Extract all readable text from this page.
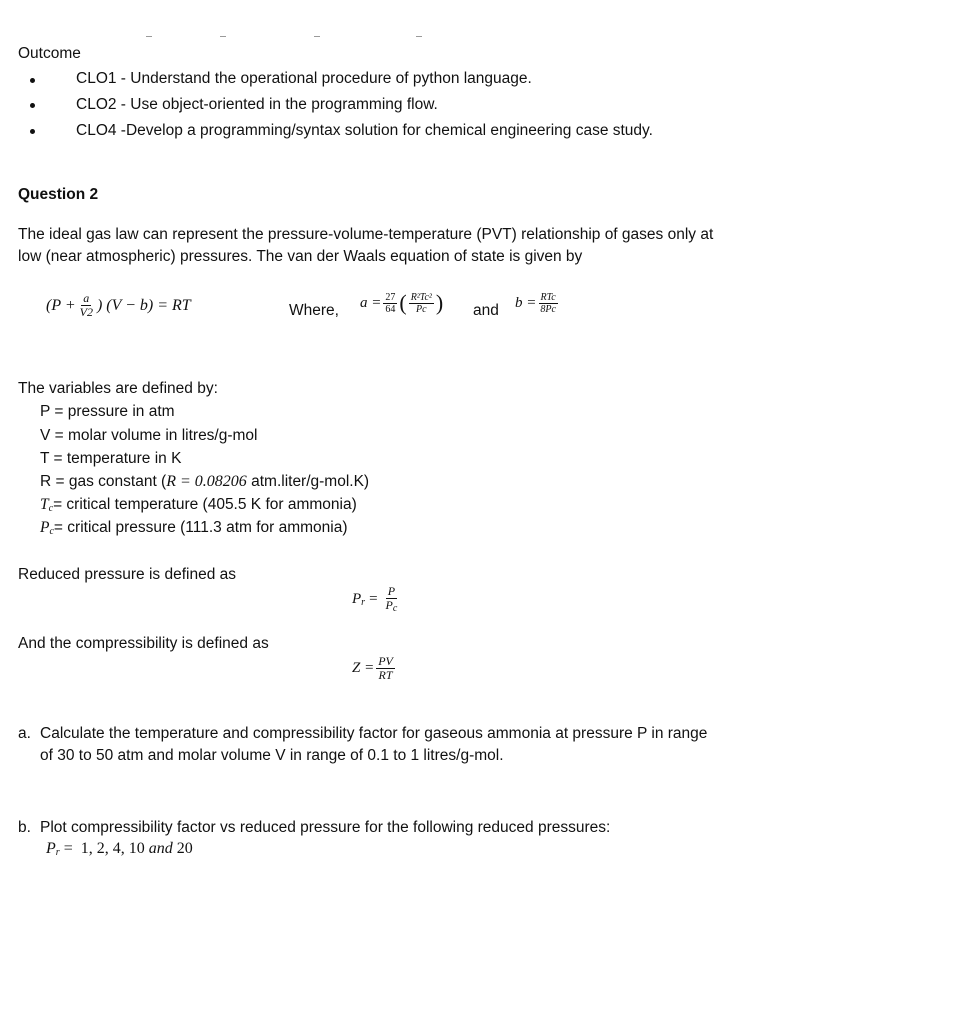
Outcome
CLO1 - Understand the operational procedure of python language.
CLO2 - Use object-oriented in the programming flow.
CLO4 -Develop a programming/syntax solution for chemical engineering case study.
Question 2
The ideal gas law can represent the pressure-volume-temperature (PVT) relationship of gases only at
low (near atmospheric) pressures. The van der Waals equation of state is given by
($P + \frac{a}{V2}$ ) (V − b) = RT	Where, $a = \frac{27}{64}$ ( $\frac{\text{R²Tc²}}{Pc}$ ) and $b = \frac{\text{RTc}}{8Pc}$
The variables are defined by:
P = pressure in atm
V = molar volume in litres/g-mol
T = temperature in K
R = gas constant (R = 0.08206 atm.liter/g-mol.K)
$T_c=$ critical temperature (405.5 K for ammonia)
$P_c=$ critical pressure (111.3 atm for ammonia)
Reduced pressure is defined as
$P_r = \frac{P}{P_c}$
And the compressibility is defined as
$Z = \frac{PV}{RT}$
a. Calculate the temperature and compressibility factor for gaseous ammonia at pressure P in range
of 30 to 50 atm and molar volume V in range of 0.1 to 1 litres/g-mol.
b. Plot compressibility factor vs reduced pressure for the following reduced pressures:
$P_r = 1$, 2, 4, 10 and 20
